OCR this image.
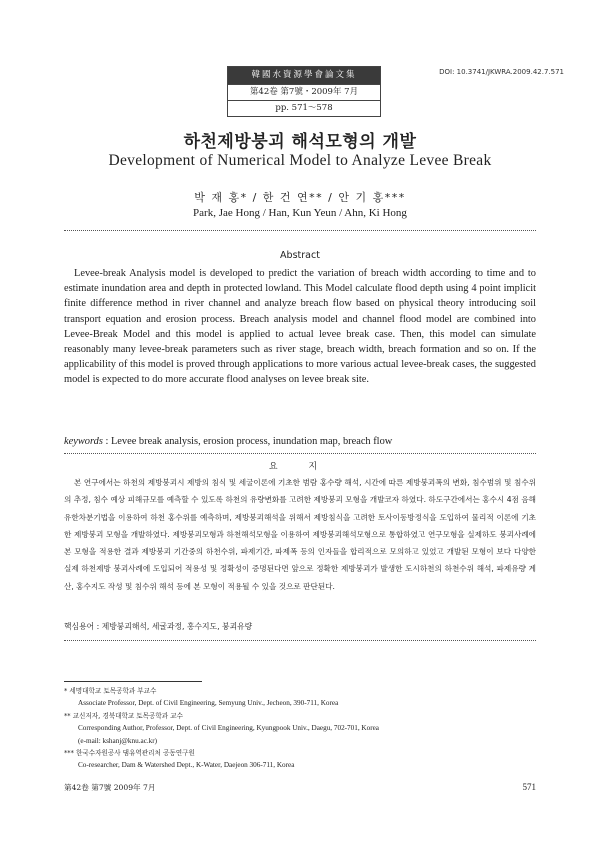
韓國水資源學會論文集
第42卷 第7號・2009年 7月
pp. 571～578
DOI: 10.3741/JKWRA.2009.42.7.571
하천제방붕괴 해석모형의 개발
Development of Numerical Model to Analyze Levee Break
박 재 홍* / 한 건 연** / 안 기 홍***
Park, Jae Hong / Han, Kun Yeun / Ahn, Ki Hong
Abstract

Levee-break Analysis model is developed to predict the variation of breach width according to time and to estimate inundation area and depth in protected lowland. This Model calculate flood depth using 4 point implicit finite difference method in river channel and analyze breach flow based on physical theory introducing soil transport equation and erosion process. Breach analysis model and channel flood model are combined into Levee-Break Model and this model is applied to actual levee break case. Then, this model can simulate reasonably many levee-break parameters such as river stage, breach width, breach formation and so on. If the applicability of this model is proved through applications to more various actual levee-break cases, the suggested model is expected to do more accurate flood analyses on levee break site.

keywords : Levee break analysis, erosion process, inundation map, breach flow
요 지

본 연구에서는 하천의 제방붕괴시 제방의 침식 및 세굴이론에 기초한 범람 홍수량 해석, 시간에 따른 제방붕괴폭의 변화, 침수범위 및 침수위의 추정, 침수 예상 피해규모를 예측할 수 있도록 하천의 유량변화를 고려한 제방붕괴 모형을 개발코자 하였다. 하도구간에서는 홍수시 4점 음해 유한차분기법을 이용하여 하천 홍수위를 예측하며, 제방붕괴해석을 위해서 제방침식을 고려한 토사이동방정식을 도입하여 물리적 이론에 기초한 제방붕괴 모형을 개발하였다. 제방붕괴모형과 하천해석모형을 이용하여 제방붕괴해석모형으로 통합하였고 연구모형을 실제하도 붕괴사례에 본 모형을 적용한 결과 제방붕괴 기간중의 하천수위, 파제기간, 파제폭 등의 인자들을 합리적으로 모의하고 있었고 개발된 모형이 보다 다양한 실제 하천제방 붕괴사례에 도입되어 적용성 및 정확성이 증명된다면 앞으로 정확한 제방붕괴가 발생한 도시하천의 하천수위 해석, 파제유량 계산, 홍수지도 작성 및 침수위 해석 등에 본 모형이 적용될 수 있을 것으로 판단된다.

핵심용어 : 제방붕괴해석, 세굴과정, 홍수지도, 붕괴유량
* 세명대학교 토목공학과 부교수
Associate Professor, Dept. of Civil Engineering, Semyung Univ., Jecheon, 390-711, Korea
** 교신저자, 경북대학교 토목공학과 교수
Corresponding Author, Professor, Dept. of Civil Engineering, Kyungpook Univ., Daegu, 702-701, Korea
(e-mail: kshanj@knu.ac.kr)
*** 한국수자원공사 댐유역관리처 공동연구원
Co-researcher, Dam & Watershed Dept., K-Water, Daejeon 306-711, Korea
第42卷 第7號 2009年 7月	571
